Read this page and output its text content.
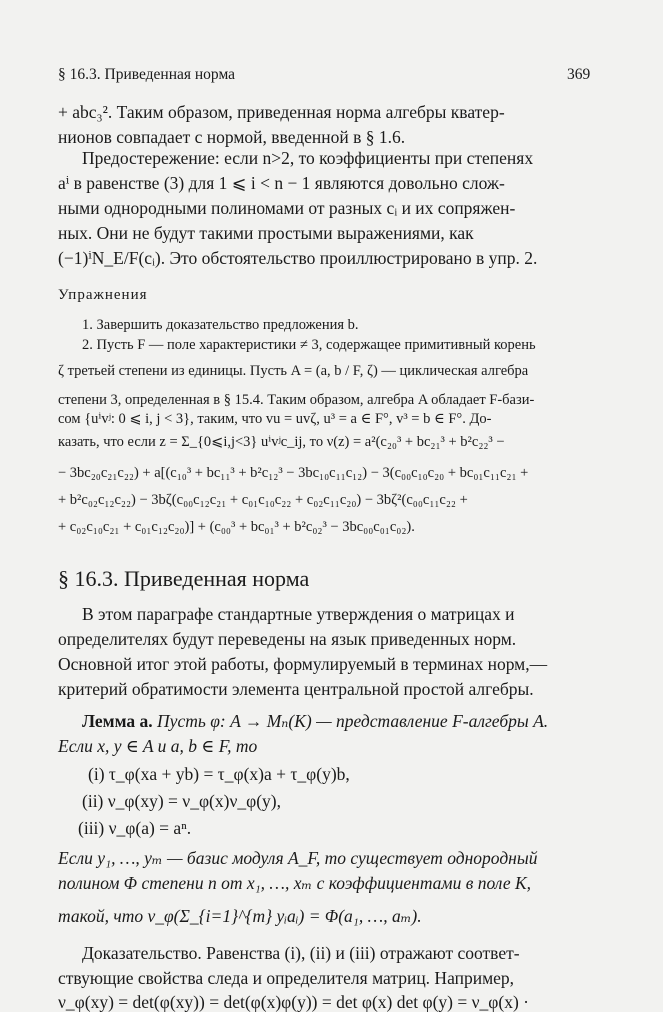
§ 16.3. Приведенная норма	369
+ abc₃². Таким образом, приведенная норма алгебры кватер-
нионов совпадает с нормой, введенной в § 1.6.
Предостережение: если n>2, то коэффициенты при степенях
aⁱ в равенстве (3) для 1 ⩽ i < n − 1 являются довольно слож-
ными однородными полиномами от разных cᵢ и их сопряжен-
ных. Они не будут такими простыми выражениями, как
(−1)ⁱN_E/F(cᵢ). Это обстоятельство проиллюстрировано в упр. 2.
Упражнения
1. Завершить доказательство предложения b.
2. Пусть F — поле характеристики ≠ 3, содержащее примитивный корень
ζ третьей степени из единицы. Пусть A = (a, b / F, ζ) — циклическая алгебра
степени 3, определенная в § 15.4. Таким образом, алгебра A обладает F-бази-
сом {uⁱvʲ: 0 ⩽ i, j < 3}, таким, что vu = uvζ, u³ = a ∈ F°, v³ = b ∈ F°. До-
казать, что если z = Σ_{0⩽i,j<3} uⁱvʲc_ij, то ν(z) = a²(c₂₀³ + bc₂₁³ + b²c₂₂³ −
− 3bc₂₀c₂₁c₂₂) + a[(c₁₀³ + bc₁₁³ + b²c₁₂³ − 3bc₁₀c₁₁c₁₂) − 3(c₀₀c₁₀c₂₀ + bc₀₁c₁₁c₂₁ +
+ b²c₀₂c₁₂c₂₂) − 3bζ(c₀₀c₁₂c₂₁ + c₀₁c₁₀c₂₂ + c₀₂c₁₁c₂₀) − 3bζ²(c₀₀c₁₁c₂₂ +
+ c₀₂c₁₀c₂₁ + c₀₁c₁₂c₂₀)] + (c₀₀³ + bc₀₁³ + b²c₀₂³ − 3bc₀₀c₀₁c₀₂).
§ 16.3. Приведенная норма
В этом параграфе стандартные утверждения о матрицах и
определителях будут переведены на язык приведенных норм.
Основной итог этой работы, формулируемый в терминах норм,—
критерий обратимости элемента центральной простой алгебры.
Лемма а. Пусть φ: A → Mₙ(K) — представление F-алгебры A.
Если x, y ∈ A и a, b ∈ F, то
(i) τ_φ(xa + yb) = τ_φ(x)a + τ_φ(y)b,
(ii) ν_φ(xy) = ν_φ(x)ν_φ(y),
(iii) ν_φ(a) = aⁿ.
Если y₁, …, yₘ — базис модуля A_F, то существует однородный
полином Φ степени n от x₁, …, xₘ с коэффициентами в поле K,
такой, что ν_φ(Σ_{i=1}^{m} yᵢaᵢ) = Φ(a₁, …, aₘ).
Доказательство. Равенства (i), (ii) и (iii) отражают соответ-
ствующие свойства следа и определителя матриц. Например,
ν_φ(xy) = det(φ(xy)) = det(φ(x)φ(y)) = det φ(x) det φ(y) = ν_φ(x) ·
